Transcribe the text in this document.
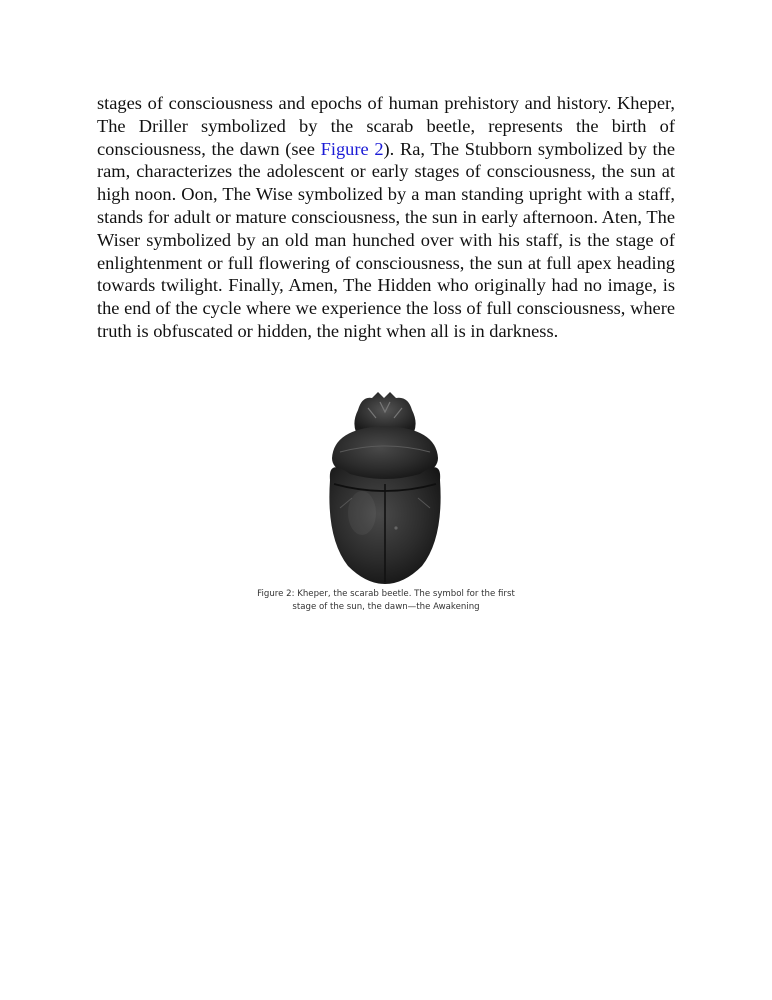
stages of consciousness and epochs of human prehistory and history. Kheper, The Driller symbolized by the scarab beetle, represents the birth of consciousness, the dawn (see Figure 2). Ra, The Stubborn symbolized by the ram, characterizes the adolescent or early stages of consciousness, the sun at high noon. Oon, The Wise symbolized by a man standing upright with a staff, stands for adult or mature consciousness, the sun in early afternoon. Aten, The Wiser symbolized by an old man hunched over with his staff, is the stage of enlightenment or full flowering of consciousness, the sun at full apex heading towards twilight. Finally, Amen, The Hidden who originally had no image, is the end of the cycle where we experience the loss of full consciousness, where truth is obfuscated or hidden, the night when all is in darkness.

Figure 2: Kheper, the scarab beetle. The symbol for the first
stage of the sun, the dawn—the Awakening
